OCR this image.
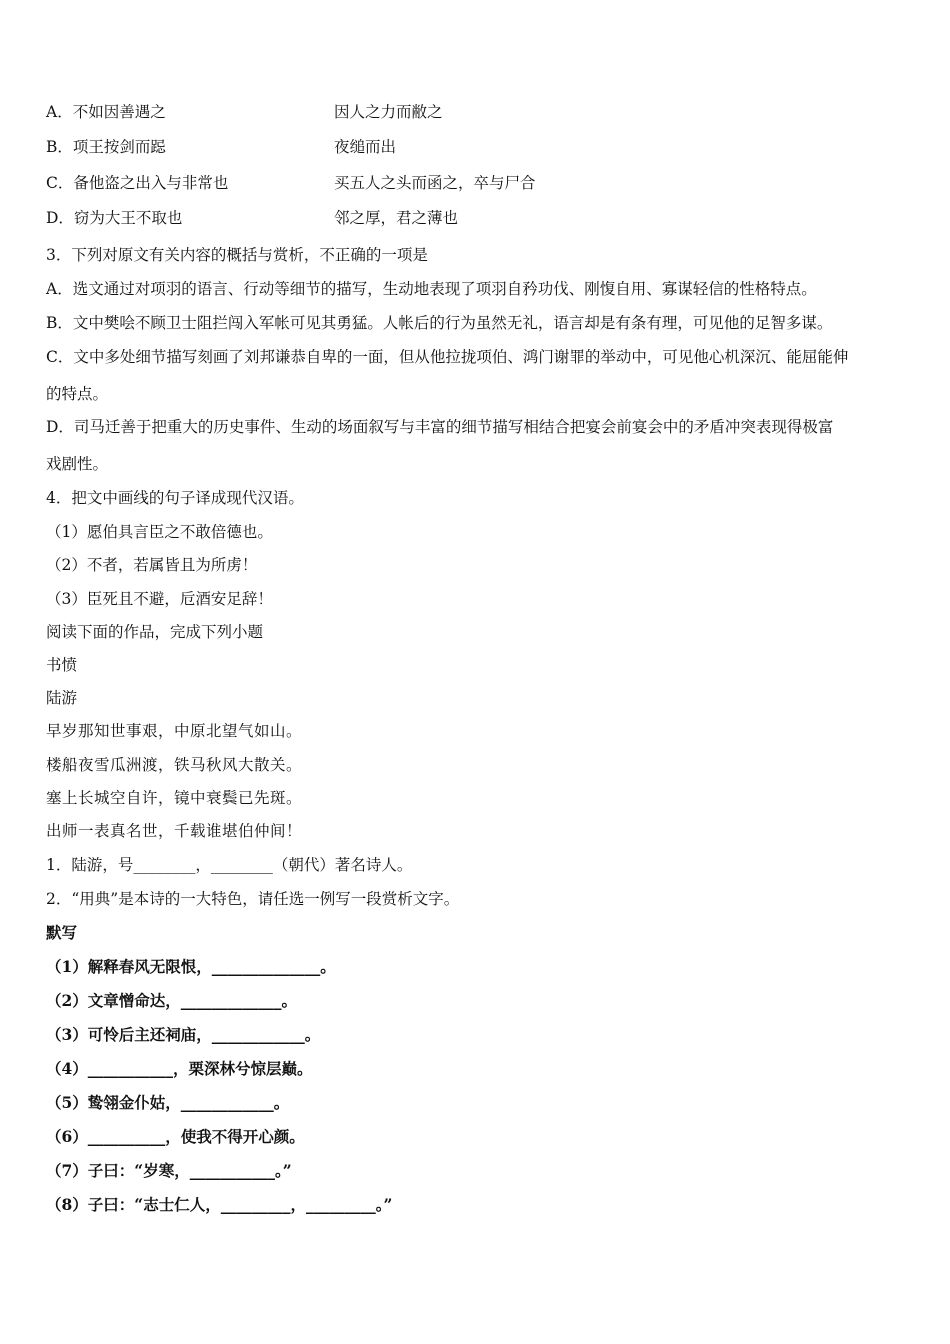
A．不如因善遇之	因人之力而敝之
B．项王按剑而跽	夜缒而出
C．备他盗之出入与非常也	买五人之头而函之，卒与尸合
D．窃为大王不取也	邻之厚，君之薄也
3．下列对原文有关内容的概括与赏析，不正确的一项是
A．选文通过对项羽的语言、行动等细节的描写，生动地表现了项羽自矜功伐、刚愎自用、寡谋轻信的性格特点。
B．文中樊哙不顾卫士阻拦闯入军帐可见其勇猛。人帐后的行为虽然无礼，语言却是有条有理，可见他的足智多谋。
C．文中多处细节描写刻画了刘邦谦恭自卑的一面，但从他拉拢项伯、鸿门谢罪的举动中，可见他心机深沉、能屈能伸
的特点。
D．司马迁善于把重大的历史事件、生动的场面叙写与丰富的细节描写相结合把宴会前宴会中的矛盾冲突表现得极富
戏剧性。
4．把文中画线的句子译成现代汉语。
（1）愿伯具言臣之不敢倍德也。
（2）不者，若属皆且为所虏！
（3）臣死且不避，卮酒安足辞！
阅读下面的作品，完成下列小题
书愤
陆游
早岁那知世事艰，中原北望气如山。
楼船夜雪瓜洲渡，铁马秋风大散关。
塞上长城空自许，镜中衰鬓已先斑。
出师一表真名世，千载谁堪伯仲间！
1．陆游，号________，________（朝代）著名诗人。
2．“用典”是本诗的一大特色，请任选一例写一段赏析文字。
默写
（1）解释春风无限恨，______________。
（2）文章憎命达，_____________。
（3）可怜后主还祠庙，____________。
（4）___________，栗深林兮惊层巅。
（5）鸷翎金仆姑，____________。
（6）__________，使我不得开心颜。
（7）子曰：“岁寒，___________。”
（8）子曰：“志士仁人，_________，_________。”
